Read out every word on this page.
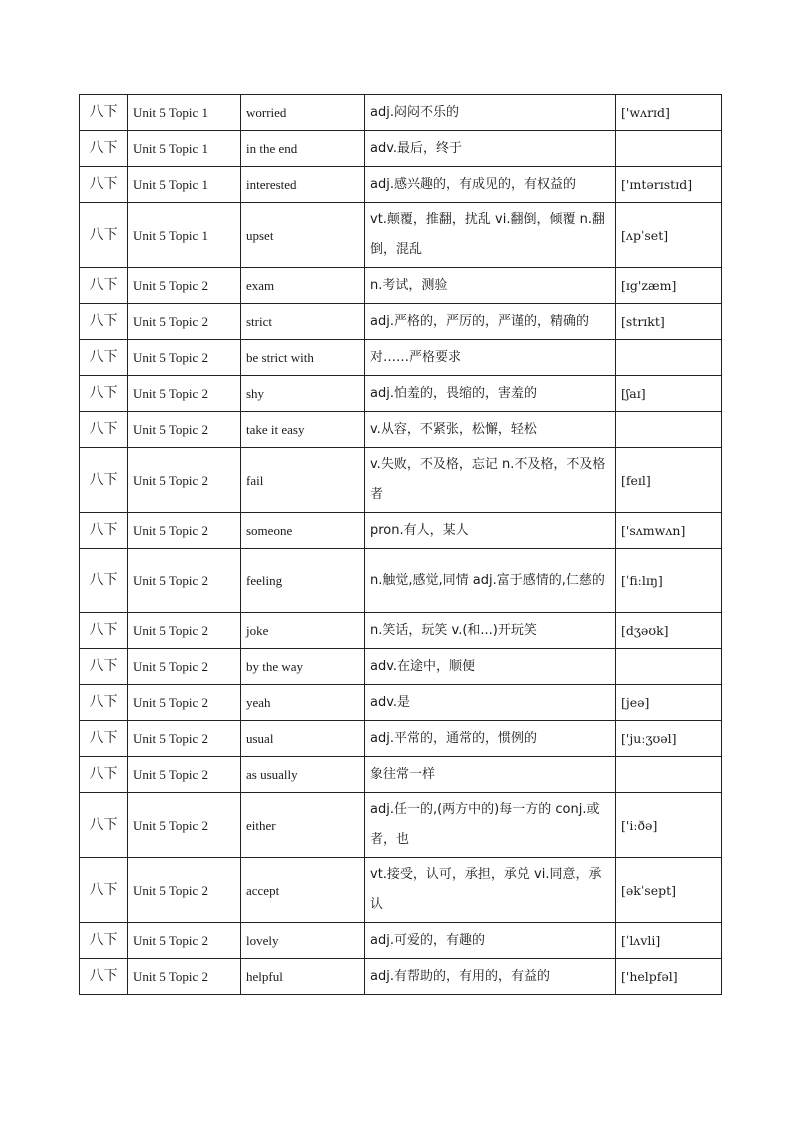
八下	Unit 5 Topic 1	worried	adj.闷闷不乐的	['wʌrɪd]
八下	Unit 5 Topic 1	in the end	adv.最后，终于	
八下	Unit 5 Topic 1	interested	adj.感兴趣的，有成见的，有权益的	['ɪntərɪstɪd]
八下	Unit 5 Topic 1	upset	vt.颠覆，推翻，扰乱 vi.翻倒，倾覆 n.翻倒，混乱	[ʌpˈset]
八下	Unit 5 Topic 2	exam	n.考试，测验	[ɪg'zæm]
八下	Unit 5 Topic 2	strict	adj.严格的，严厉的，严谨的，精确的	[strɪkt]
八下	Unit 5 Topic 2	be strict with	对……严格要求	
八下	Unit 5 Topic 2	shy	adj.怕羞的，畏缩的，害羞的	[ʃaɪ]
八下	Unit 5 Topic 2	take it easy	v.从容，不紧张，松懈，轻松	
八下	Unit 5 Topic 2	fail	v.失败，不及格，忘记 n.不及格，不及格者	[feɪl]
八下	Unit 5 Topic 2	someone	pron.有人，某人	['sʌmwʌn]
八下	Unit 5 Topic 2	feeling	n.触觉,感觉,同情 adj.富于感情的,仁慈的	[ˈfiːlɪŋ]
八下	Unit 5 Topic 2	joke	n.笑话，玩笑 v.(和...)开玩笑	[dʒəʊk]
八下	Unit 5 Topic 2	by the way	adv.在途中，顺便	
八下	Unit 5 Topic 2	yeah	adv.是	[jeə]
八下	Unit 5 Topic 2	usual	adj.平常的，通常的，惯例的	['juːʒʊəl]
八下	Unit 5 Topic 2	as usually	象往常一样	
八下	Unit 5 Topic 2	either	adj.任一的,(两方中的)每一方的 conj.或者，也	['iːðə]
八下	Unit 5 Topic 2	accept	vt.接受，认可，承担，承兑 vi.同意，承认	[əkˈsept]
八下	Unit 5 Topic 2	lovely	adj.可爱的，有趣的	[ˈlʌvli]
八下	Unit 5 Topic 2	helpful	adj.有帮助的，有用的，有益的	['helpfəl]
